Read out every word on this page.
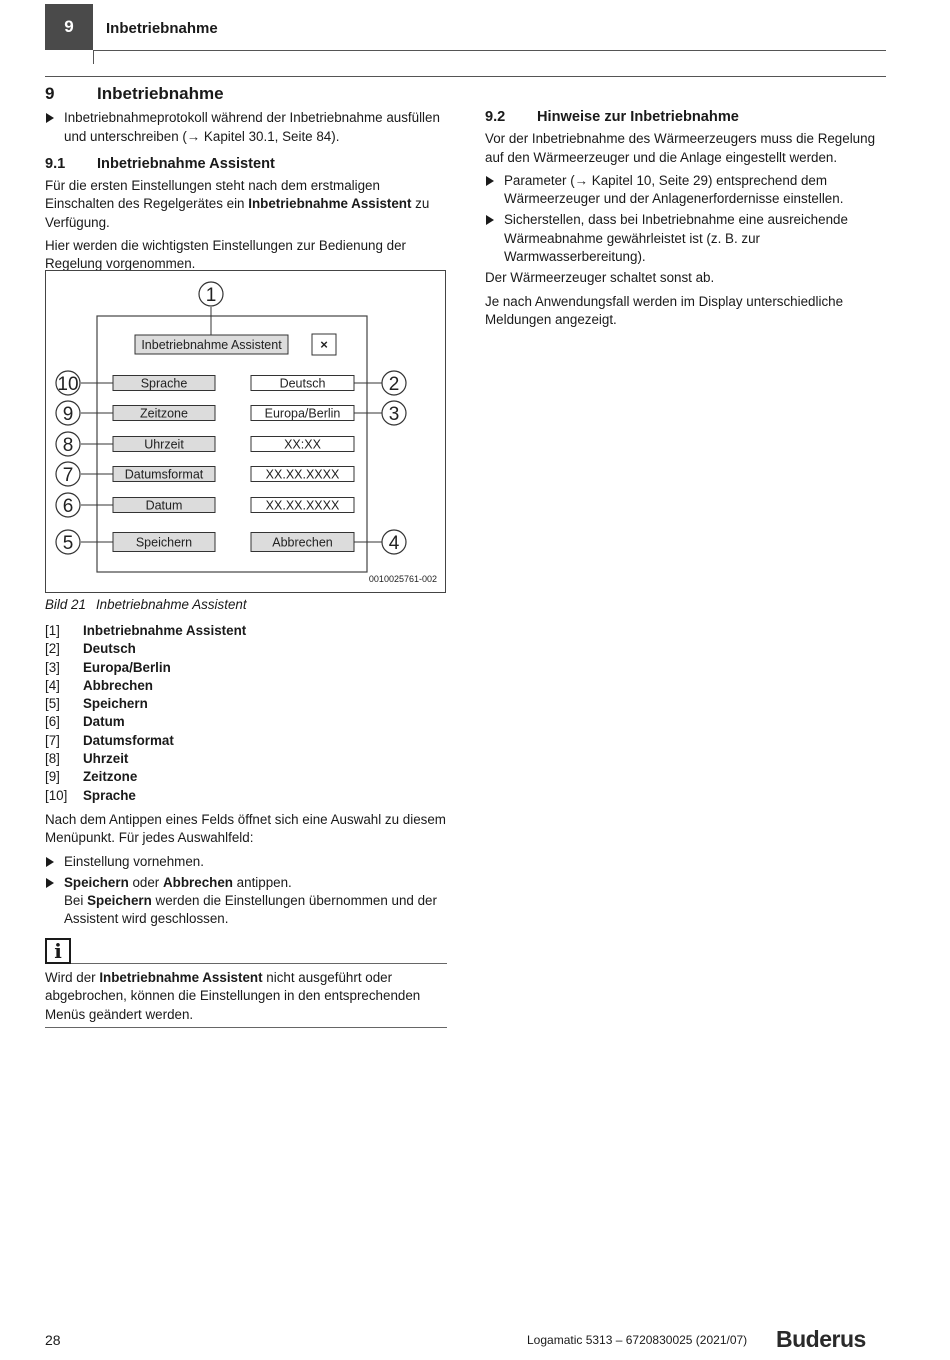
9 Inbetriebnahme
9	Inbetriebnahme
Inbetriebnahmeprotokoll während der Inbetriebnahme ausfüllen und unterschreiben (→ Kapitel 30.1, Seite 84).
9.1	Inbetriebnahme Assistent

Für die ersten Einstellungen steht nach dem erstmaligen Einschalten des Regelgerätes ein Inbetriebnahme Assistent zu Verfügung.

Hier werden die wichtigsten Einstellungen zur Bedienung der Regelung vorgenommen.

Inbetriebnahme Assistent	×
1
Sprache	Deutsch
10	2
Zeitzone	Europa/Berlin
9	3
Uhrzeit	XX:XX
8
Datumsformat	XX.XX.XXXX
7
Datum	XX.XX.XXXX
6
Speichern	Abbrechen
5	4
0010025761-002
Bild 21 Inbetriebnahme Assistent
[1]	Inbetriebnahme Assistent
[2]	Deutsch
[3]	Europa/Berlin
[4]	Abbrechen
[5]	Speichern
[6]	Datum
[7]	Datumsformat
[8]	Uhrzeit
[9]	Zeitzone
[10]	Sprache

Nach dem Antippen eines Felds öffnet sich eine Auswahl zu diesem Menüpunkt. Für jedes Auswahlfeld:

Einstellung vornehmen.
Speichern oder Abbrechen antippen.
Bei Speichern werden die Einstellungen übernommen und der Assistent wird geschlossen.
i
Wird der Inbetriebnahme Assistent nicht ausgeführt oder abgebrochen, können die Einstellungen in den entsprechenden Menüs geändert werden.
9.2	Hinweise zur Inbetriebnahme

Vor der Inbetriebnahme des Wärmeerzeugers muss die Regelung auf den Wärmeerzeuger und die Anlage eingestellt werden.

Parameter (→ Kapitel 10, Seite 29) entsprechend dem Wärmeerzeuger und der Anlagenerfordernisse einstellen.
Sicherstellen, dass bei Inbetriebnahme eine ausreichende Wärmeabnahme gewährleistet ist (z. B. zur Warmwasserbereitung).

Der Wärmeerzeuger schaltet sonst ab.

Je nach Anwendungsfall werden im Display unterschiedliche Meldungen angezeigt.

28	Logamatic 5313 – 6720830025 (2021/07) Buderus
